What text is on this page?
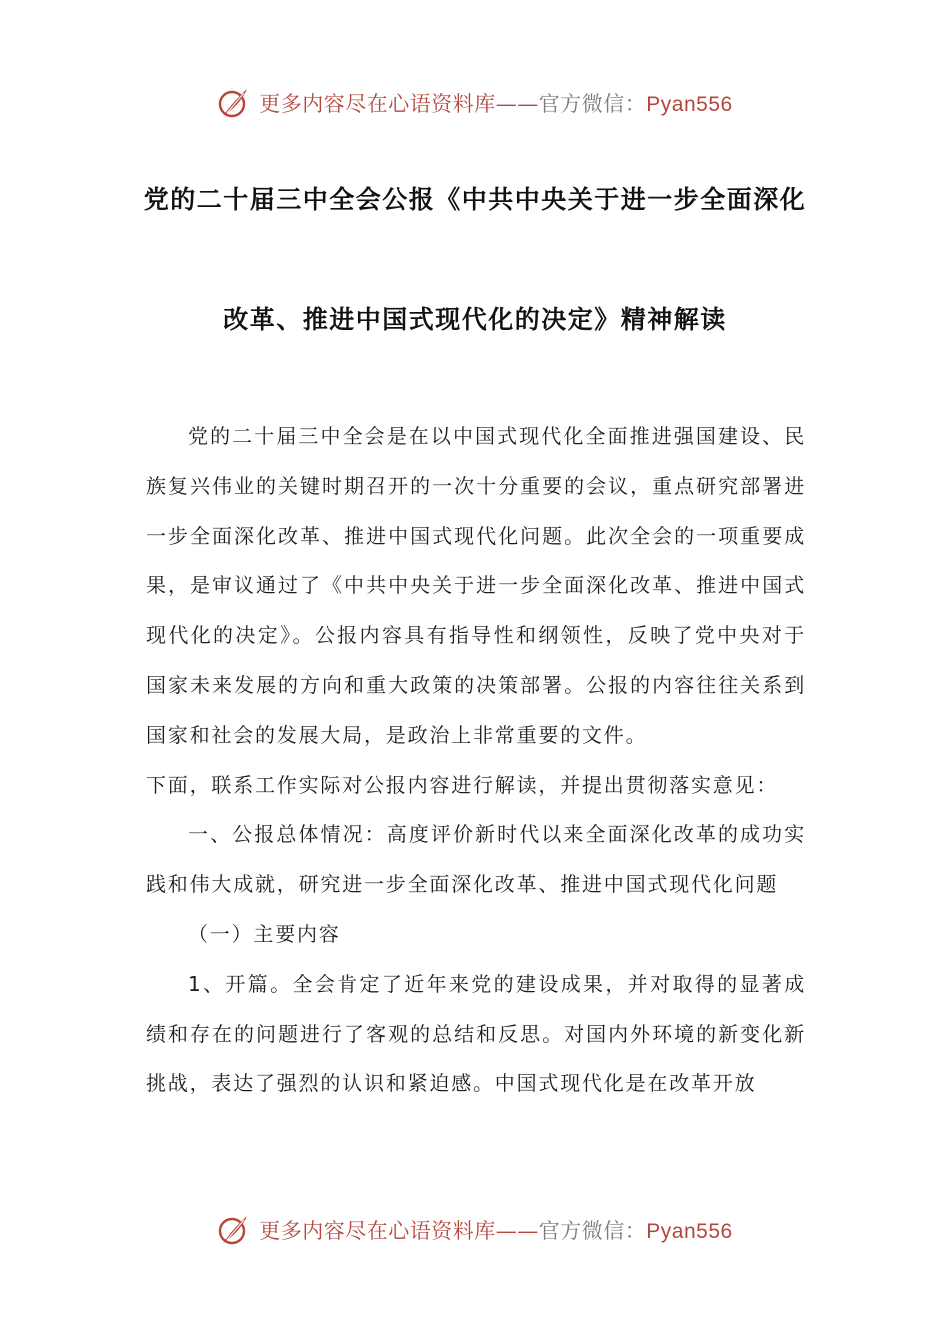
更多内容尽在心语资料库——官方微信：Pyan556
党的二十届三中全会公报《中共中央关于进一步全面深化
改革、推进中国式现代化的决定》精神解读

党的二十届三中全会是在以中国式现代化全面推进强国建设、民族复兴伟业的关键时期召开的一次十分重要的会议，重点研究部署进一步全面深化改革、推进中国式现代化问题。此次全会的一项重要成果，是审议通过了《中共中央关于进一步全面深化改革、推进中国式现代化的决定》。公报内容具有指导性和纲领性，反映了党中央对于国家未来发展的方向和重大政策的决策部署。公报的内容往往关系到国家和社会的发展大局，是政治上非常重要的文件。

下面，联系工作实际对公报内容进行解读，并提出贯彻落实意见：

一、公报总体情况：高度评价新时代以来全面深化改革的成功实践和伟大成就，研究进一步全面深化改革、推进中国式现代化问题

（一）主要内容

1、开篇。全会肯定了近年来党的建设成果，并对取得的显著成绩和存在的问题进行了客观的总结和反思。对国内外环境的新变化新挑战，表达了强烈的认识和紧迫感。中国式现代化是在改革开放

更多内容尽在心语资料库——官方微信：Pyan556
